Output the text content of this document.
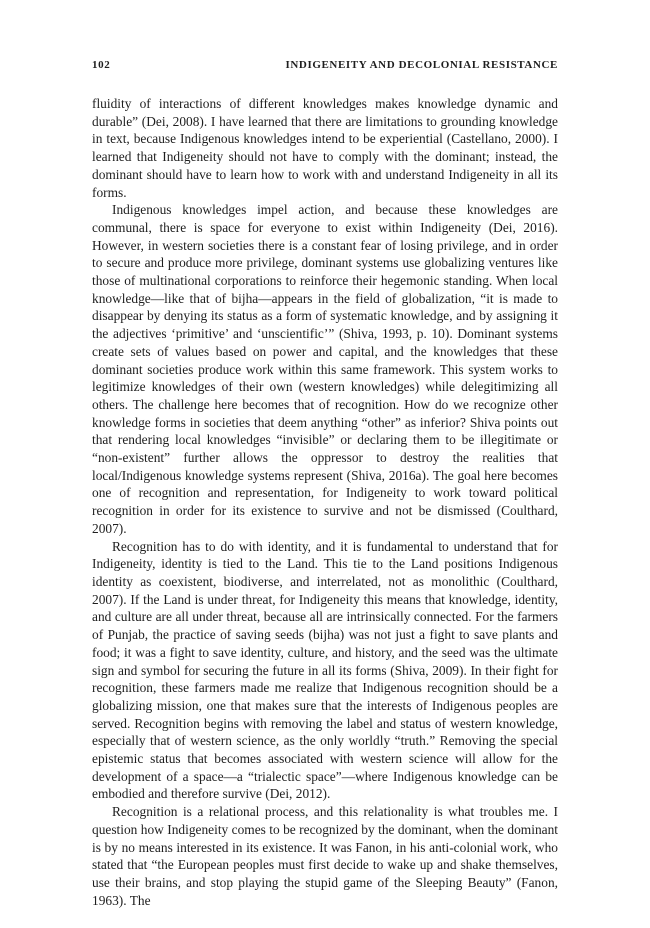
102	INDIGENEITY AND DECOLONIAL RESISTANCE

fluidity of interactions of different knowledges makes knowledge dynamic and durable” (Dei, 2008). I have learned that there are limitations to grounding knowledge in text, because Indigenous knowledges intend to be experiential (Castellano, 2000). I learned that Indigeneity should not have to comply with the dominant; instead, the dominant should have to learn how to work with and understand Indigeneity in all its forms.

Indigenous knowledges impel action, and because these knowledges are communal, there is space for everyone to exist within Indigeneity (Dei, 2016). However, in western societies there is a constant fear of losing privilege, and in order to secure and produce more privilege, dominant systems use globalizing ventures like those of multinational corporations to reinforce their hegemonic standing. When local knowledge—like that of bijha—appears in the field of globalization, “it is made to disappear by denying its status as a form of systematic knowledge, and by assigning it the adjectives ‘primitive’ and ‘unscientific’” (Shiva, 1993, p. 10). Dominant systems create sets of values based on power and capital, and the knowledges that these dominant societies produce work within this same framework. This system works to legitimize knowledges of their own (western knowledges) while delegitimizing all others. The challenge here becomes that of recognition. How do we recognize other knowledge forms in societies that deem anything “other” as inferior? Shiva points out that rendering local knowledges “invisible” or declaring them to be illegitimate or “non-existent” further allows the oppressor to destroy the realities that local/Indigenous knowledge systems represent (Shiva, 2016a). The goal here becomes one of recognition and representation, for Indigeneity to work toward political recognition in order for its existence to survive and not be dismissed (Coulthard, 2007).

Recognition has to do with identity, and it is fundamental to understand that for Indigeneity, identity is tied to the Land. This tie to the Land positions Indigenous identity as coexistent, biodiverse, and interrelated, not as monolithic (Coulthard, 2007). If the Land is under threat, for Indigeneity this means that knowledge, identity, and culture are all under threat, because all are intrinsically connected. For the farmers of Punjab, the practice of saving seeds (bijha) was not just a fight to save plants and food; it was a fight to save identity, culture, and history, and the seed was the ultimate sign and symbol for securing the future in all its forms (Shiva, 2009). In their fight for recognition, these farmers made me realize that Indigenous recognition should be a globalizing mission, one that makes sure that the interests of Indigenous peoples are served. Recognition begins with removing the label and status of western knowledge, especially that of western science, as the only worldly “truth.” Removing the special epistemic status that becomes associated with western science will allow for the development of a space—a “trialectic space”—where Indigenous knowledge can be embodied and therefore survive (Dei, 2012).

Recognition is a relational process, and this relationality is what troubles me. I question how Indigeneity comes to be recognized by the dominant, when the dominant is by no means interested in its existence. It was Fanon, in his anti-colonial work, who stated that “the European peoples must first decide to wake up and shake themselves, use their brains, and stop playing the stupid game of the Sleeping Beauty” (Fanon, 1963). The
